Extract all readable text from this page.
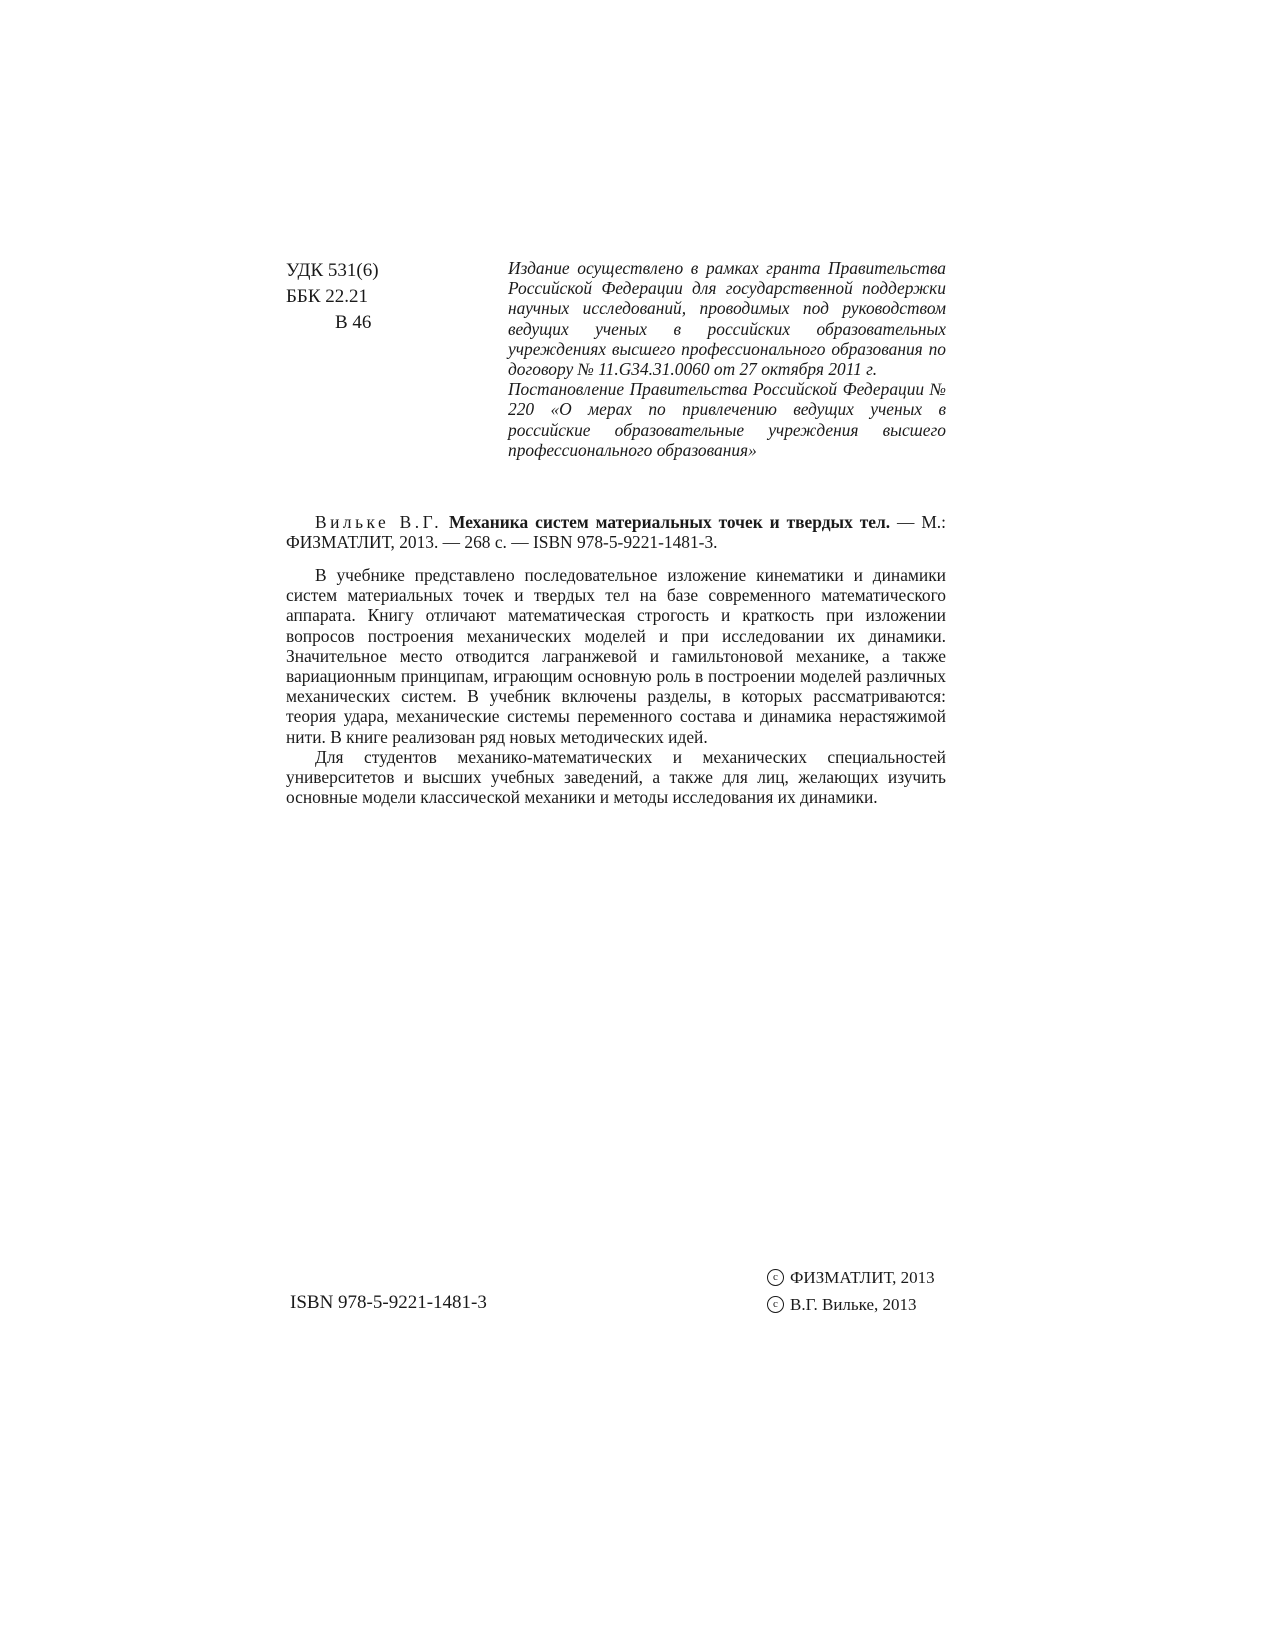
УДК 531(6)
ББК 22.21
В 46

Издание осуществлено в рамках гранта Правительства Российской Федерации для государственной поддержки научных исследований, проводимых под руководством ведущих ученых в российских образовательных учреждениях высшего профессионального образования по договору № 11.G34.31.0060 от 27 октября 2011 г.

Постановление Правительства Российской Федерации № 220 «О мерах по привлечению ведущих ученых в российские образовательные учреждения высшего профессионального образования»

Вильке В.Г. Механика систем материальных точек и твердых тел. — М.: ФИЗМАТЛИТ, 2013. — 268 с. — ISBN 978-5-9221-1481-3.

В учебнике представлено последовательное изложение кинематики и динамики систем материальных точек и твердых тел на базе современного математического аппарата. Книгу отличают математическая строгость и краткость при изложении вопросов построения механических моделей и при исследовании их динамики. Значительное место отводится лагранжевой и гамильтоновой механике, а также вариационным принципам, играющим основную роль в построении моделей различных механических систем. В учебник включены разделы, в которых рассматриваются: теория удара, механические системы переменного состава и динамика нерастяжимой нити. В книге реализован ряд новых методических идей.

Для студентов механико-математических и механических специальностей университетов и высших учебных заведений, а также для лиц, желающих изучить основные модели классической механики и методы исследования их динамики.

ISBN 978-5-9221-1481-3
c ФИЗМАТЛИТ, 2013
c В.Г. Вильке, 2013
